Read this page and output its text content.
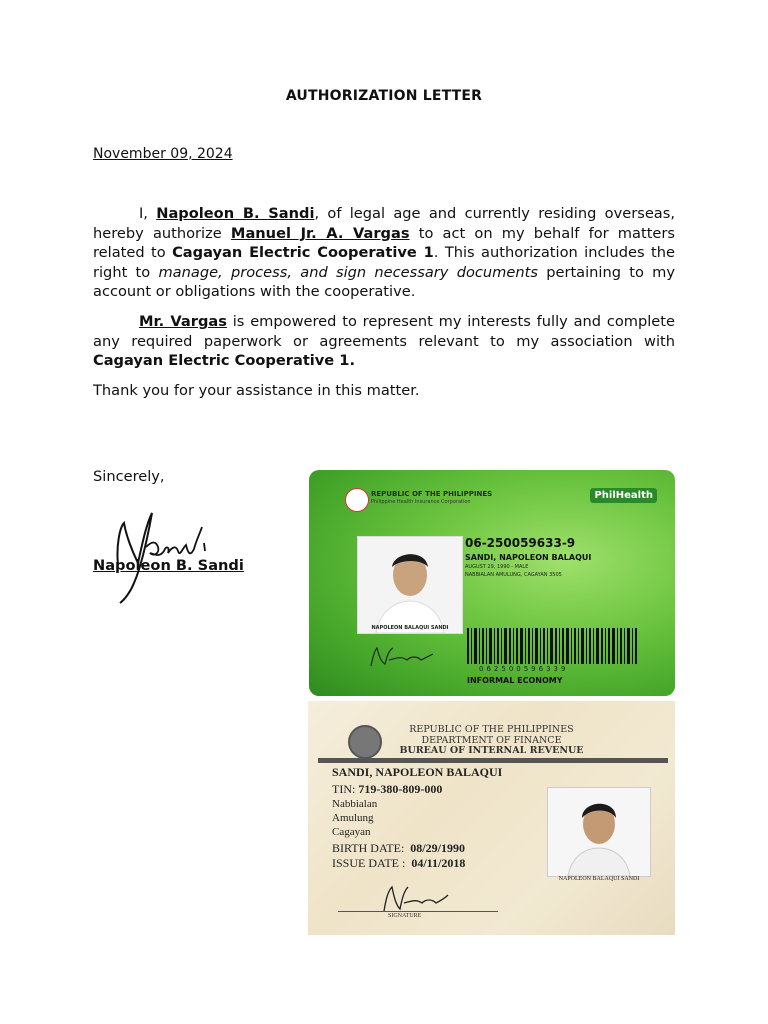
AUTHORIZATION LETTER
November 09, 2024

I, Napoleon B. Sandi, of legal age and currently residing overseas, hereby authorize Manuel Jr. A. Vargas to act on my behalf for matters related to Cagayan Electric Cooperative 1. This authorization includes the right to manage, process, and sign necessary documents pertaining to my account or obligations with the cooperative.

Mr. Vargas is empowered to represent my interests fully and complete any required paperwork or agreements relevant to my association with Cagayan Electric Cooperative 1.

Thank you for your assistance in this matter.

Sincerely,
Napoleon B. Sandi
REPUBLIC OF THE PHILIPPINES
Philippine Health Insurance Corporation
PhilHealth
NAPOLEON BALAQUI SANDI
06-250059633-9
SANDI, NAPOLEON BALAQUI
AUGUST 29, 1990 - MALE
NABBIALAN AMULUNG, CAGAYAN 3505
062500596339
INFORMAL ECONOMY
REPUBLIC OF THE PHILIPPINES
DEPARTMENT OF FINANCE
BUREAU OF INTERNAL REVENUE
SANDI, NAPOLEON BALAQUI
TIN: 719-380-809-000
Nabbialan
Amulung
Cagayan
BIRTH DATE: 08/29/1990
ISSUE DATE : 04/11/2018
NAPOLEON BALAQUI SANDI
SIGNATURE
